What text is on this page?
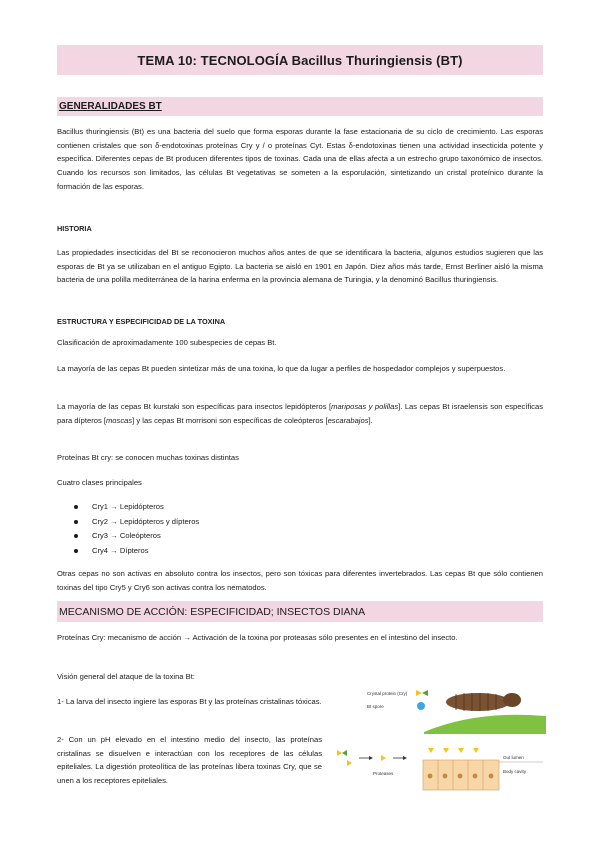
TEMA 10: TECNOLOGÍA Bacillus Thuringiensis (BT)
GENERALIDADES BT

Bacillus thuringiensis (Bt) es una bacteria del suelo que forma esporas durante la fase estacionaria de su ciclo de crecimiento. Las esporas contienen cristales que son δ-endotoxinas proteínas Cry y / o proteínas Cyt. Estas δ-endotoxinas tienen una actividad insecticida potente y específica. Diferentes cepas de Bt producen diferentes tipos de toxinas. Cada una de ellas afecta a un estrecho grupo taxonómico de insectos. Cuando los recursos son limitados, las células Bt vegetativas se someten a la esporulación, sintetizando un cristal proteínico durante la formación de las esporas.

HISTORIA

Las propiedades insecticidas del Bt se reconocieron muchos años antes de que se identificara la bacteria, algunos estudios sugieren que las esporas de Bt ya se utilizaban en el antiguo Egipto. La bacteria se aisló en 1901 en Japón. Diez años más tarde, Ernst Berliner aisló la misma bacteria de una polilla mediterránea de la harina enferma en la provincia alemana de Turingia, y la denominó Bacillus thuringiensis.

ESTRUCTURA Y ESPECIFICIDAD DE LA TOXINA

Clasificación de aproximadamente 100 subespecies de cepas Bt.

La mayoría de las cepas Bt pueden sintetizar más de una toxina, lo que da lugar a perfiles de hospedador complejos y superpuestos.

La mayoría de las cepas Bt kurstaki son específicas para insectos lepidópteros [mariposas y polillas]. Las cepas Bt israelensis son específicas para dípteros [moscas] y las cepas Bt morrisoni son específicas de coleópteros [escarabajos].

Proteínas Bt cry: se conocen muchas toxinas distintas

Cuatro clases principales

Cry1 → Lepidópteros
Cry2 → Lepidópteros y dípteros
Cry3 → Coleópteros
Cry4 → Dípteros

Otras cepas no son activas en absoluto contra los insectos, pero son tóxicas para diferentes invertebrados. Las cepas Bt que sólo contienen toxinas del tipo Cry5 y Cry6 son activas contra los nematodos.

MECANISMO DE ACCIÓN: ESPECIFICIDAD; INSECTOS DIANA

Proteínas Cry: mecanismo de acción → Activación de la toxina por proteasas sólo presentes en el intestino del insecto.

Visión general del ataque de la toxina Bt:

1- La larva del insecto ingiere las esporas Bt y las proteínas cristalinas tóxicas.

2- Con un pH elevado en el intestino medio del insecto, las proteínas cristalinas se disuelven e interactúan con los receptores de las células epiteliales. La digestión proteolítica de las proteínas libera toxinas Cry, que se unen a los receptores epiteliales.

Crystal protein (Cry)
Bt spore
Proteases
Gut lumen
Body cavity
